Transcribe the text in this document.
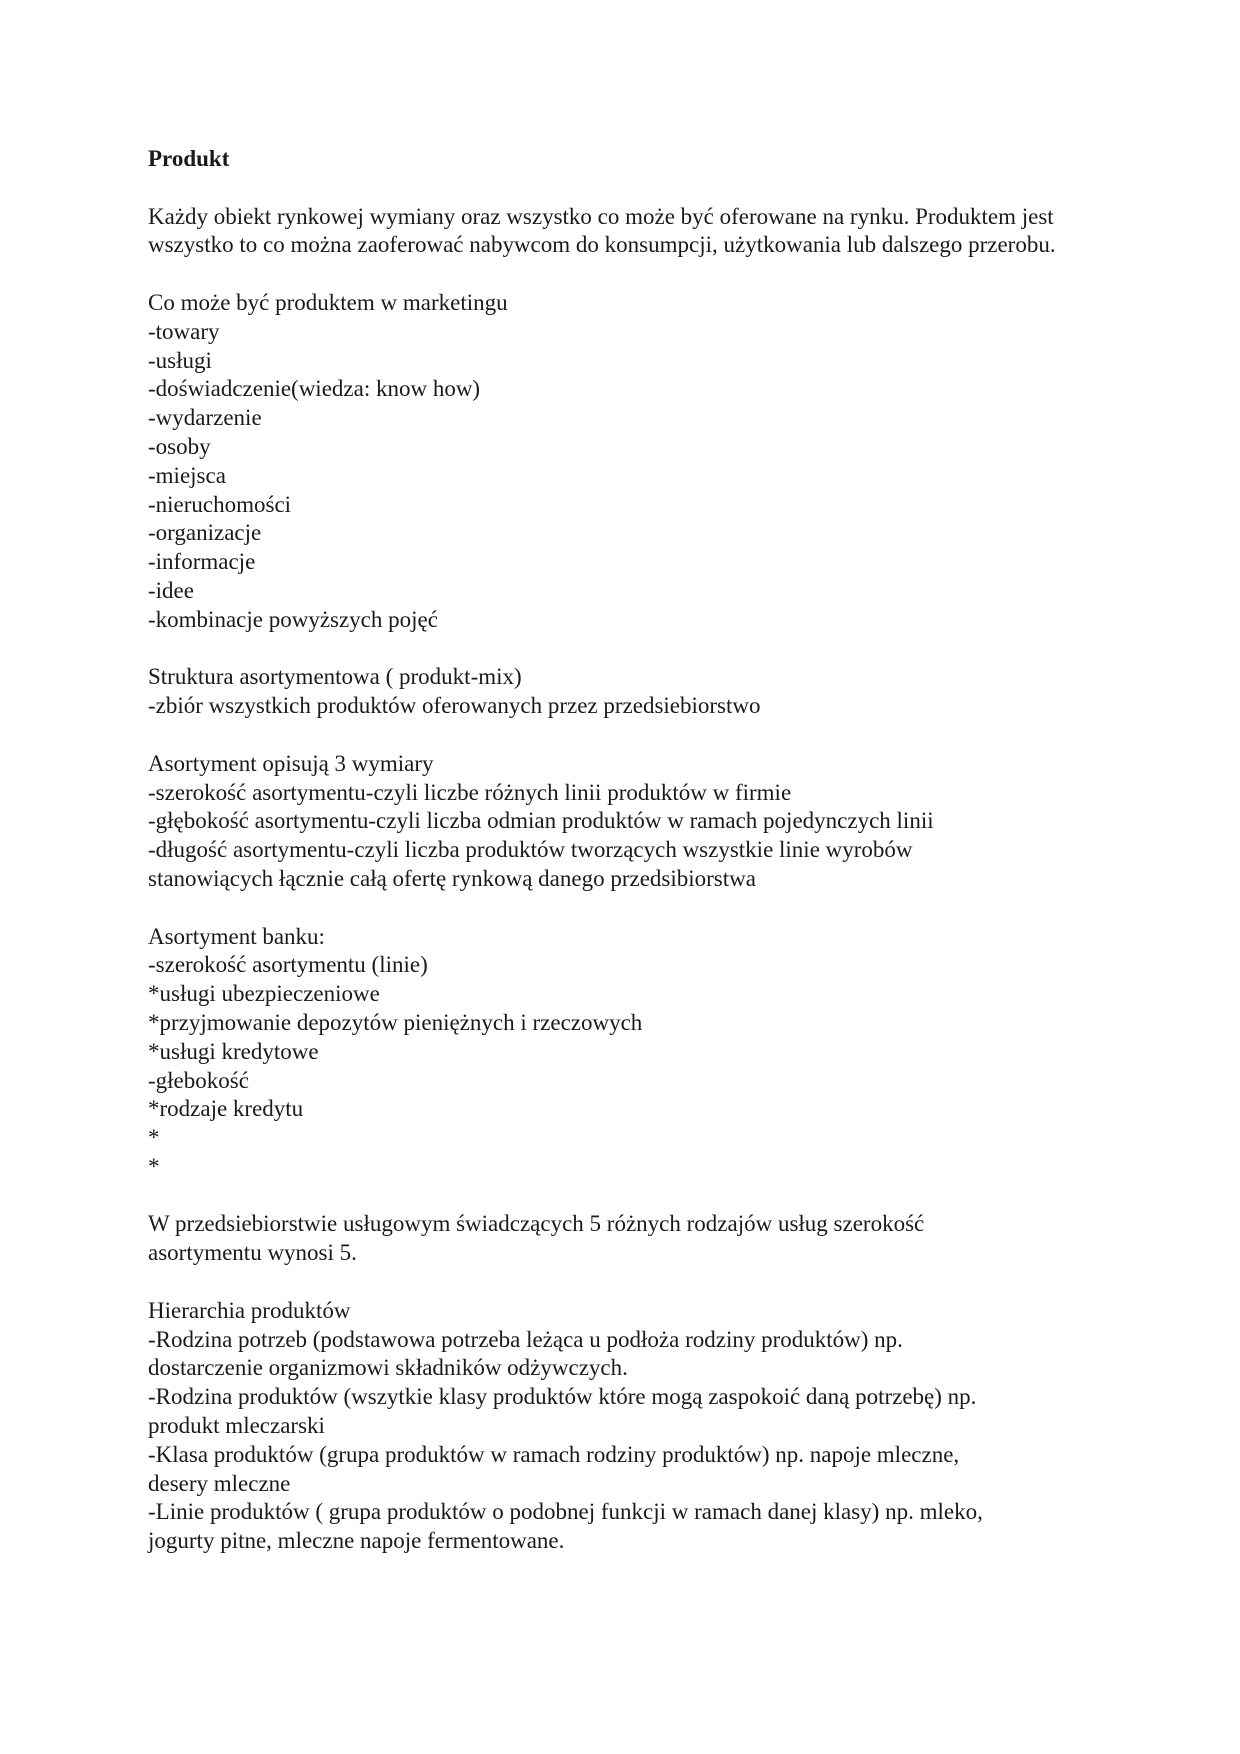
Produkt

Każdy obiekt rynkowej wymiany oraz wszystko co może być oferowane na rynku. Produktem jest wszystko to co można zaoferować nabywcom do konsumpcji, użytkowania lub dalszego przerobu.

Co może być produktem w marketingu
-towary
-usługi
-doświadczenie(wiedza: know how)
-wydarzenie
-osoby
-miejsca
-nieruchomości
-organizacje
-informacje
-idee
-kombinacje powyższych pojęć
Struktura asortymentowa ( produkt-mix)
-zbiór wszystkich produktów oferowanych przez przedsiebiorstwo
Asortyment opisują 3 wymiary
-szerokość asortymentu-czyli liczbe różnych linii produktów w firmie
-głębokość asortymentu-czyli liczba odmian produktów w ramach pojedynczych linii
-długość asortymentu-czyli liczba produktów tworzących wszystkie linie wyrobów
stanowiących łącznie całą ofertę rynkową danego przedsibiorstwa
Asortyment banku:
-szerokość asortymentu (linie)
*usługi ubezpieczeniowe
*przyjmowanie depozytów pieniężnych i rzeczowych
*usługi kredytowe
-głebokość
*rodzaje kredytu
*
*
W przedsiebiorstwie usługowym świadczących 5 różnych rodzajów usług szerokość
asortymentu wynosi 5.
Hierarchia produktów
-Rodzina potrzeb (podstawowa potrzeba leżąca u podłoża rodziny produktów) np.
dostarczenie organizmowi składników odżywczych.
-Rodzina produktów (wszytkie klasy produktów które mogą zaspokoić daną potrzebę) np.
produkt mleczarski
-Klasa produktów (grupa produktów w ramach rodziny produktów) np. napoje mleczne,
desery mleczne
-Linie produktów ( grupa produktów o podobnej funkcji w ramach danej klasy) np. mleko,
jogurty pitne, mleczne napoje fermentowane.
